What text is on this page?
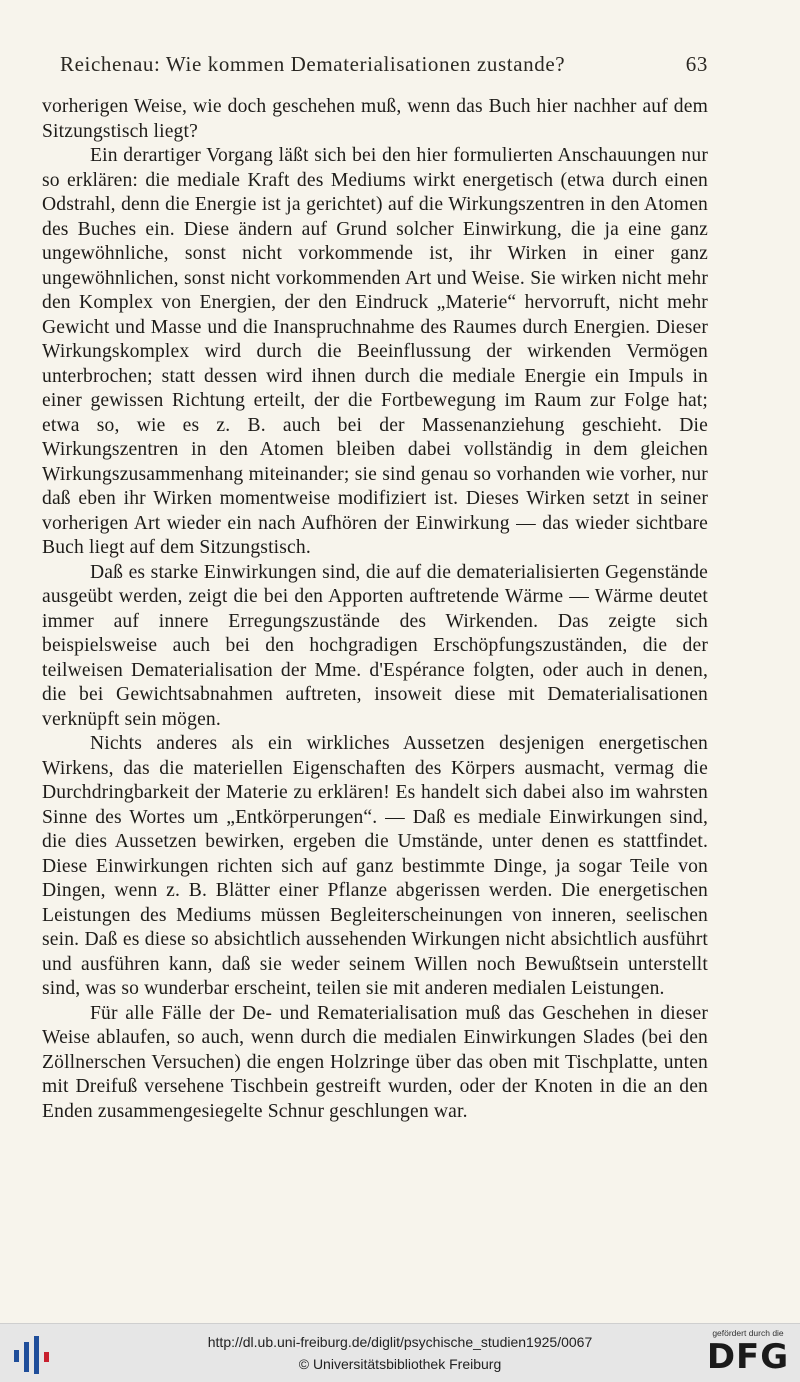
Reichenau: Wie kommen Dematerialisationen zustande?	63

vorherigen Weise, wie doch geschehen muß, wenn das Buch hier nachher auf dem Sitzungstisch liegt?

Ein derartiger Vorgang läßt sich bei den hier formulierten Anschauungen nur so erklären: die mediale Kraft des Mediums wirkt energetisch (etwa durch einen Odstrahl, denn die Energie ist ja gerichtet) auf die Wirkungszentren in den Atomen des Buches ein. Diese ändern auf Grund solcher Einwirkung, die ja eine ganz ungewöhnliche, sonst nicht vorkommende ist, ihr Wirken in einer ganz ungewöhnlichen, sonst nicht vorkommenden Art und Weise. Sie wirken nicht mehr den Komplex von Energien, der den Eindruck „Materie“ hervorruft, nicht mehr Gewicht und Masse und die Inanspruchnahme des Raumes durch Energien. Dieser Wirkungskomplex wird durch die Beeinflussung der wirkenden Vermögen unterbrochen; statt dessen wird ihnen durch die mediale Energie ein Impuls in einer gewissen Richtung erteilt, der die Fortbewegung im Raum zur Folge hat; etwa so, wie es z. B. auch bei der Massenanziehung geschieht. Die Wirkungszentren in den Atomen bleiben dabei vollständig in dem gleichen Wirkungszusammenhang miteinander; sie sind genau so vorhanden wie vorher, nur daß eben ihr Wirken momentweise modifiziert ist. Dieses Wirken setzt in seiner vorherigen Art wieder ein nach Aufhören der Einwirkung — das wieder sichtbare Buch liegt auf dem Sitzungstisch.

Daß es starke Einwirkungen sind, die auf die dematerialisierten Gegenstände ausgeübt werden, zeigt die bei den Apporten auftretende Wärme — Wärme deutet immer auf innere Erregungszustände des Wirkenden. Das zeigte sich beispielsweise auch bei den hochgradigen Erschöpfungszuständen, die der teilweisen Dematerialisation der Mme. d'Espérance folgten, oder auch in denen, die bei Gewichtsabnahmen auftreten, insoweit diese mit Dematerialisationen verknüpft sein mögen.

Nichts anderes als ein wirkliches Aussetzen desjenigen energetischen Wirkens, das die materiellen Eigenschaften des Körpers ausmacht, vermag die Durchdringbarkeit der Materie zu erklären! Es handelt sich dabei also im wahrsten Sinne des Wortes um „Entkörperungen“. — Daß es mediale Einwirkungen sind, die dies Aussetzen bewirken, ergeben die Umstände, unter denen es stattfindet. Diese Einwirkungen richten sich auf ganz bestimmte Dinge, ja sogar Teile von Dingen, wenn z. B. Blätter einer Pflanze abgerissen werden. Die energetischen Leistungen des Mediums müssen Begleiterscheinungen von inneren, seelischen sein. Daß es diese so absichtlich aussehenden Wirkungen nicht absichtlich ausführt und ausführen kann, daß sie weder seinem Willen noch Bewußtsein unterstellt sind, was so wunderbar erscheint, teilen sie mit anderen medialen Leistungen.

Für alle Fälle der De- und Rematerialisation muß das Geschehen in dieser Weise ablaufen, so auch, wenn durch die medialen Einwirkungen Slades (bei den Zöllnerschen Versuchen) die engen Holzringe über das oben mit Tischplatte, unten mit Dreifuß versehene Tischbein gestreift wurden, oder der Knoten in die an den Enden zusammengesiegelte Schnur geschlungen war.

http://dl.ub.uni-freiburg.de/diglit/psychische_studien1925/0067
© Universitätsbibliothek Freiburg
gefördert durch die
DFG
